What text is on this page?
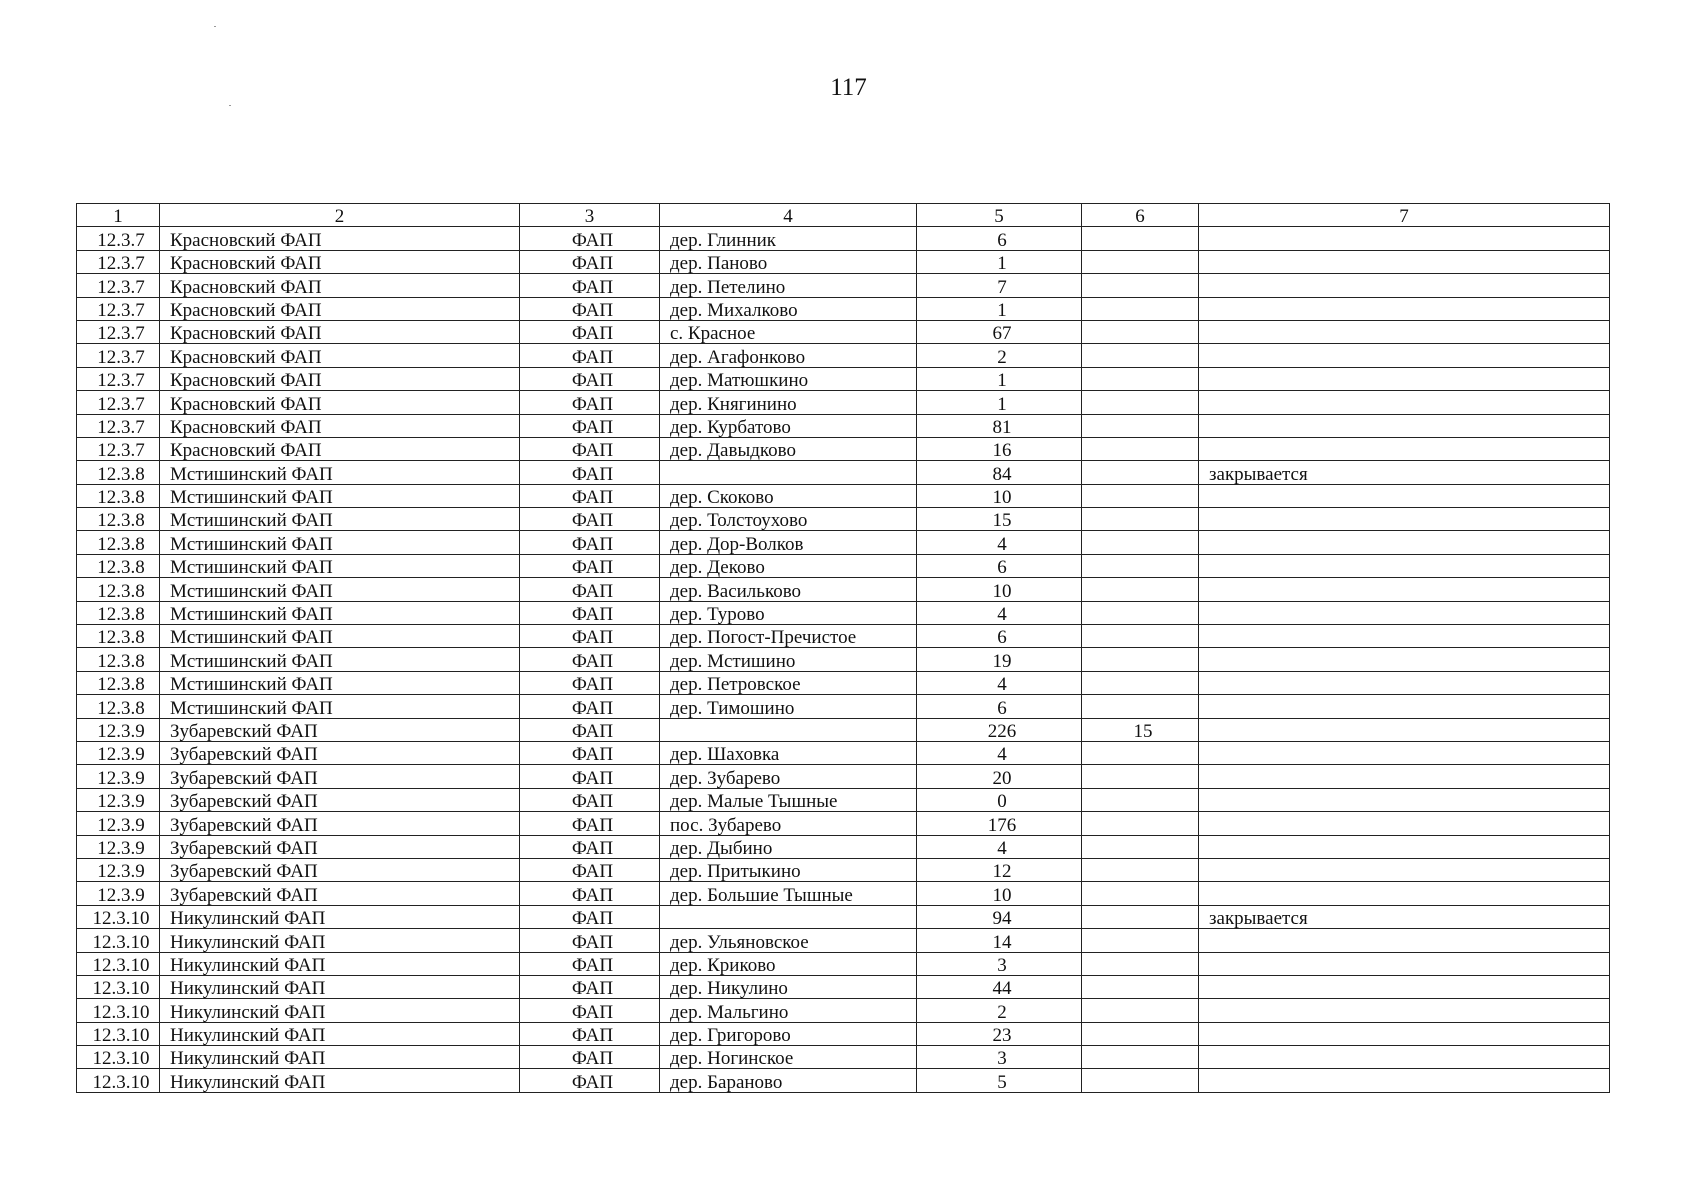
117
1	2	3	4	5	6	7
12.3.7	Красновский ФАП	ФАП	дер. Глинник	6		
12.3.7	Красновский ФАП	ФАП	дер. Паново	1		
12.3.7	Красновский ФАП	ФАП	дер. Петелино	7		
12.3.7	Красновский ФАП	ФАП	дер. Михалково	1		
12.3.7	Красновский ФАП	ФАП	с. Красное	67		
12.3.7	Красновский ФАП	ФАП	дер. Агафонково	2		
12.3.7	Красновский ФАП	ФАП	дер. Матюшкино	1		
12.3.7	Красновский ФАП	ФАП	дер. Княгинино	1		
12.3.7	Красновский ФАП	ФАП	дер. Курбатово	81		
12.3.7	Красновский ФАП	ФАП	дер. Давыдково	16		
12.3.8	Мстишинский ФАП	ФАП		84		закрывается
12.3.8	Мстишинский ФАП	ФАП	дер. Скоково	10		
12.3.8	Мстишинский ФАП	ФАП	дер. Толстоухово	15		
12.3.8	Мстишинский ФАП	ФАП	дер. Дор-Волков	4		
12.3.8	Мстишинский ФАП	ФАП	дер. Деково	6		
12.3.8	Мстишинский ФАП	ФАП	дер. Васильково	10		
12.3.8	Мстишинский ФАП	ФАП	дер. Турово	4		
12.3.8	Мстишинский ФАП	ФАП	дер. Погост-Пречистое	6		
12.3.8	Мстишинский ФАП	ФАП	дер. Мстишино	19		
12.3.8	Мстишинский ФАП	ФАП	дер. Петровское	4		
12.3.8	Мстишинский ФАП	ФАП	дер. Тимошино	6		
12.3.9	Зубаревский ФАП	ФАП		226	15	
12.3.9	Зубаревский ФАП	ФАП	дер. Шаховка	4		
12.3.9	Зубаревский ФАП	ФАП	дер. Зубарево	20		
12.3.9	Зубаревский ФАП	ФАП	дер. Малые Тышные	0		
12.3.9	Зубаревский ФАП	ФАП	пос. Зубарево	176		
12.3.9	Зубаревский ФАП	ФАП	дер. Дыбино	4		
12.3.9	Зубаревский ФАП	ФАП	дер. Притыкино	12		
12.3.9	Зубаревский ФАП	ФАП	дер. Большие Тышные	10		
12.3.10	Никулинский ФАП	ФАП		94		закрывается
12.3.10	Никулинский ФАП	ФАП	дер. Ульяновское	14		
12.3.10	Никулинский ФАП	ФАП	дер. Криково	3		
12.3.10	Никулинский ФАП	ФАП	дер. Никулино	44		
12.3.10	Никулинский ФАП	ФАП	дер. Мальгино	2		
12.3.10	Никулинский ФАП	ФАП	дер. Григорово	23		
12.3.10	Никулинский ФАП	ФАП	дер. Ногинское	3		
12.3.10	Никулинский ФАП	ФАП	дер. Бараново	5		
